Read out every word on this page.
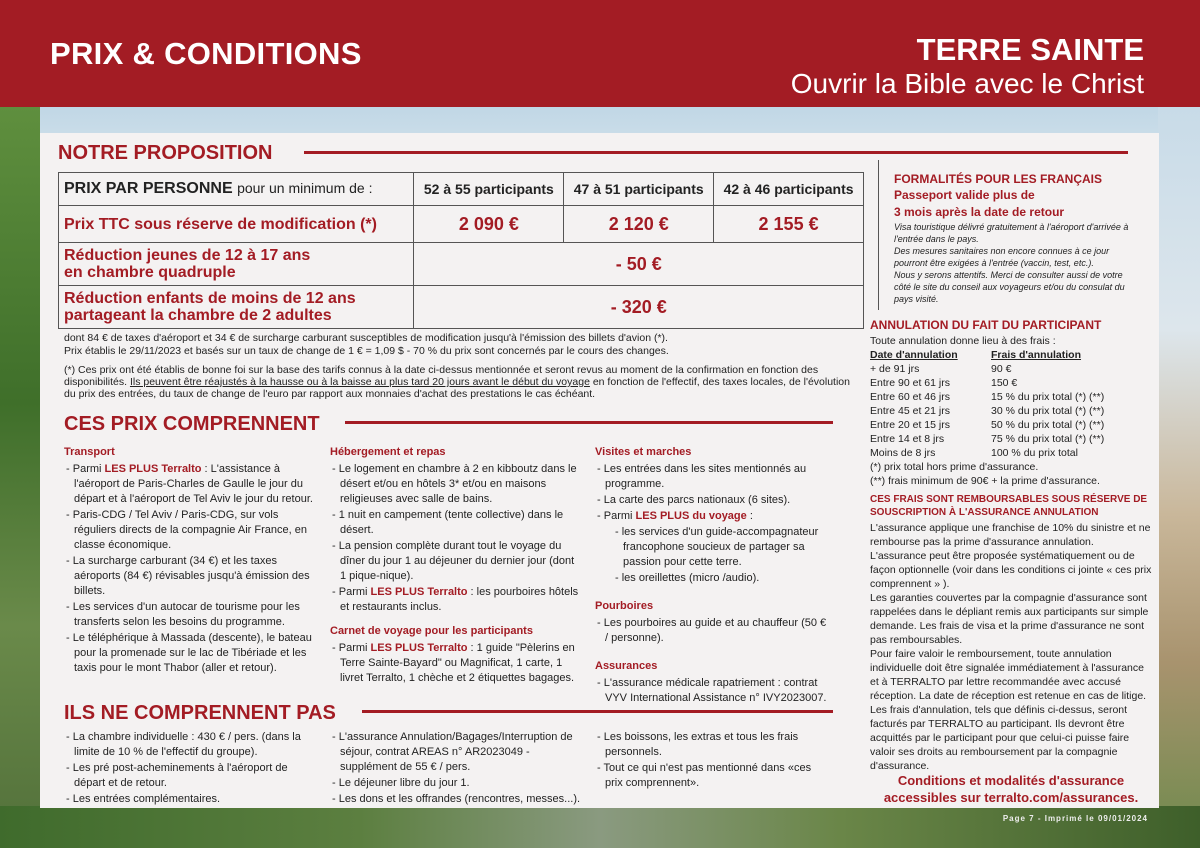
PRIX & CONDITIONS	TERRE SAINTE
Ouvrir la Bible avec le Christ
NOTRE PROPOSITION
PRIX PAR PERSONNE pour un minimum de :	52 à 55 participants	47 à 51 participants	42 à 46 participants
Prix TTC sous réserve de modification (*)	2 090 €	2 120 €	2 155 €

Réduction jeunes de 12 à 17 ans
en chambre quadruple	- 50 €		

Réduction enfants de moins de 12 ans
partageant la chambre de 2 adultes	- 320 €		
dont 84 € de taxes d'aéroport et 34 € de surcharge carburant susceptibles de modification jusqu'à l'émission des billets d'avion (*).
Prix établis le 29/11/2023 et basés sur un taux de change de 1 € = 1,09 $ - 70 % du prix sont concernés par le cours des changes.
(*) Ces prix ont été établis de bonne foi sur la base des tarifs connus à la date ci-dessus mentionnée et seront revus au moment de la confirmation en fonction des disponibilités. Ils peuvent être réajustés à la hausse ou à la baisse au plus tard 20 jours avant le début du voyage en fonction de l'effectif, des taxes locales, de l'évolution du prix des entrées, du taux de change de l'euro par rapport aux monnaies d'achat des prestations le cas échéant.
CES PRIX COMPRENNENT
Transport
- Parmi LES PLUS Terralto : L'assistance à l'aéroport de Paris-Charles de Gaulle le jour du départ et à l'aéroport de Tel Aviv le jour du retour.
- Paris-CDG / Tel Aviv / Paris-CDG, sur vols réguliers directs de la compagnie Air France, en classe économique.
- La surcharge carburant (34 €) et les taxes aéroports (84 €) révisables jusqu'à émission des billets.
- Les services d'un autocar de tourisme pour les transferts selon les besoins du programme.
- Le téléphérique à Massada (descente), le bateau pour la promenade sur le lac de Tibériade et les taxis pour le mont Thabor (aller et retour).
Hébergement et repas
- Le logement en chambre à 2 en kibboutz dans le désert et/ou en hôtels 3* et/ou en maisons religieuses avec salle de bains.
- 1 nuit en campement (tente collective) dans le désert.
- La pension complète durant tout le voyage du dîner du jour 1 au déjeuner du dernier jour (dont 1 pique-nique).
- Parmi LES PLUS Terralto : les pourboires hôtels et restaurants inclus.
Carnet de voyage pour les participants
- Parmi LES PLUS Terralto : 1 guide "Pèlerins en Terre Sainte-Bayard" ou Magnificat, 1 carte, 1 livret Terralto, 1 chèche et 2 étiquettes bagages.
Visites et marches
- Les entrées dans les sites mentionnés au programme.
- La carte des parcs nationaux (6 sites).
- Parmi LES PLUS du voyage :
- les services d'un guide-accompagnateur francophone soucieux de partager sa passion pour cette terre.
- les oreillettes (micro /audio).
Pourboires
- Les pourboires au guide et au chauffeur (50 € / personne).
Assurances
- L'assurance médicale rapatriement : contrat VYV International Assistance n° IVY2023007.
ILS NE COMPRENNENT PAS
- La chambre individuelle : 430 € / pers. (dans la limite de 10 % de l'effectif du groupe).
- Les pré post-acheminements à l'aéroport de départ et de retour.
- Les entrées complémentaires.
- L'assurance Annulation/Bagages/Interruption de séjour, contrat AREAS n° AR2023049 - supplément de 55 € / pers.
- Le déjeuner libre du jour 1.
- Les dons et les offrandes (rencontres, messes...).
- Les boissons, les extras et tous les frais personnels.
- Tout ce qui n'est pas mentionné dans «ces prix comprennent».
FORMALITÉS POUR LES FRANÇAIS
Passeport valide plus de
3 mois après la date de retour
Visa touristique délivré gratuitement à l'aéroport d'arrivée à l'entrée dans le pays.
Des mesures sanitaires non encore connues à ce jour pourront être exigées à l'entrée (vaccin, test, etc.).
Nous y serons attentifs. Merci de consulter aussi de votre côté le site du conseil aux voyageurs et/ou du consulat du pays visité.
ANNULATION DU FAIT DU PARTICIPANT
Toute annulation donne lieu à des frais :
Date d'annulation	Frais d'annulation
+ de 91 jrs	90 €
Entre 90 et 61 jrs	150 €
Entre 60 et 46 jrs	15 % du prix total (*) (**)
Entre 45 et 21 jrs	30 % du prix total (*) (**)
Entre 20 et 15 jrs	50 % du prix total (*) (**)
Entre 14 et 8 jrs	75 % du prix total (*) (**)
Moins de 8 jrs	100 % du prix total
(*) prix total hors prime d'assurance.
(**) frais minimum de 90€ + la prime d'assurance.
CES FRAIS SONT REMBOURSABLES SOUS RÉSERVE DE SOUSCRIPTION À L'ASSURANCE ANNULATION
L'assurance applique une franchise de 10% du sinistre et ne rembourse pas la prime d'assurance annulation.
L'assurance peut être proposée systématiquement ou de façon optionnelle (voir dans les conditions ci jointe « ces prix comprennent » ).
Les garanties couvertes par la compagnie d'assurance sont rappelées dans le dépliant remis aux participants sur simple demande. Les frais de visa et la prime d'assurance ne sont pas remboursables.
Pour faire valoir le remboursement, toute annulation individuelle doit être signalée immédiatement à l'assurance et à TERRALTO par lettre recommandée avec accusé réception. La date de réception est retenue en cas de litige.
Les frais d'annulation, tels que définis ci-dessus, seront facturés par TERRALTO au participant. Ils devront être acquittés par le participant pour que celui-ci puisse faire valoir ses droits au remboursement par la compagnie d'assurance.
Conditions et modalités d'assurance
accessibles sur terralto.com/assurances.
Page 7 - Imprimé le 09/01/2024
